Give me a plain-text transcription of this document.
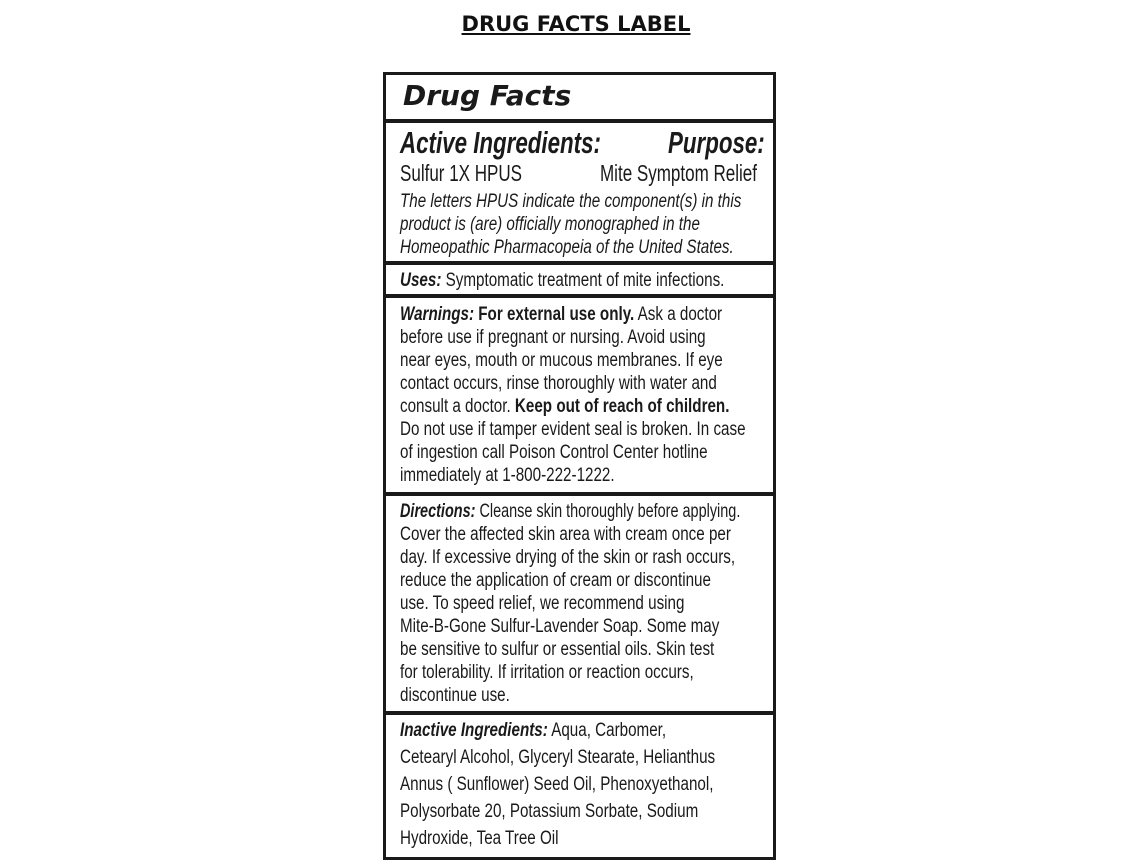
DRUG FACTS LABEL
Drug Facts
Active Ingredients: Purpose:
Sulfur 1X HPUS	Mite Symptom Relief
The letters HPUS indicate the component(s) in this
product is (are) officially monographed in the
Homeopathic Pharmacopeia of the United States.
Uses: Symptomatic treatment of mite infections.
Warnings: For external use only. Ask a doctor
before use if pregnant or nursing. Avoid using
near eyes, mouth or mucous membranes. If eye
contact occurs, rinse thoroughly with water and
consult a doctor. Keep out of reach of children.
Do not use if tamper evident seal is broken. In case
of ingestion call Poison Control Center hotline
immediately at 1-800-222-1222.
Directions: Cleanse skin thoroughly before applying.
Cover the affected skin area with cream once per
day. If excessive drying of the skin or rash occurs,
reduce the application of cream or discontinue
use. To speed relief, we recommend using
Mite-B-Gone Sulfur-Lavender Soap. Some may
be sensitive to sulfur or essential oils. Skin test
for tolerability. If irritation or reaction occurs,
discontinue use.
Inactive Ingredients: Aqua, Carbomer,
Cetearyl Alcohol, Glyceryl Stearate, Helianthus
Annus ( Sunflower) Seed Oil, Phenoxyethanol,
Polysorbate 20, Potassium Sorbate, Sodium
Hydroxide, Tea Tree Oil
